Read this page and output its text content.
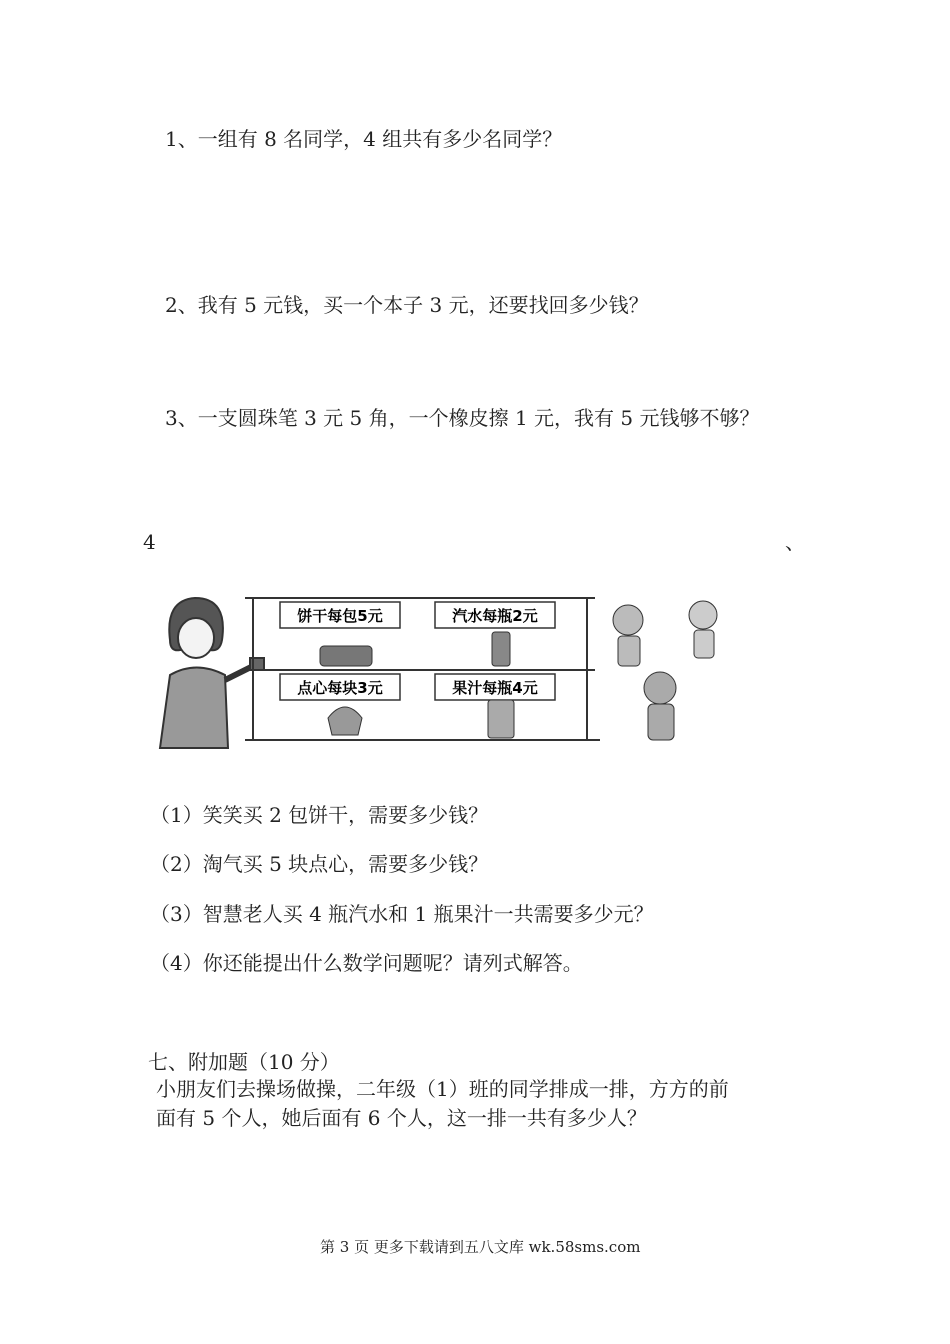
1、一组有 8 名同学，4 组共有多少名同学？
2、我有 5 元钱，买一个本子 3 元，还要找回多少钱？
3、一支圆珠笔 3 元 5 角，一个橡皮擦 1 元，我有 5 元钱够不够？
4	、
饼干每包5元	汽水每瓶2元
点心每块3元	果汁每瓶4元
（1）笑笑买 2 包饼干，需要多少钱？
（2）淘气买 5 块点心，需要多少钱？
（3）智慧老人买 4 瓶汽水和 1 瓶果汁一共需要多少元？
（4）你还能提出什么数学问题呢？请列式解答。
七、附加题（10 分）
小朋友们去操场做操，二年级（1）班的同学排成一排，方方的前
面有 5 个人，她后面有 6 个人，这一排一共有多少人？
第 3 页 更多下载请到五八文库 wk.58sms.com
